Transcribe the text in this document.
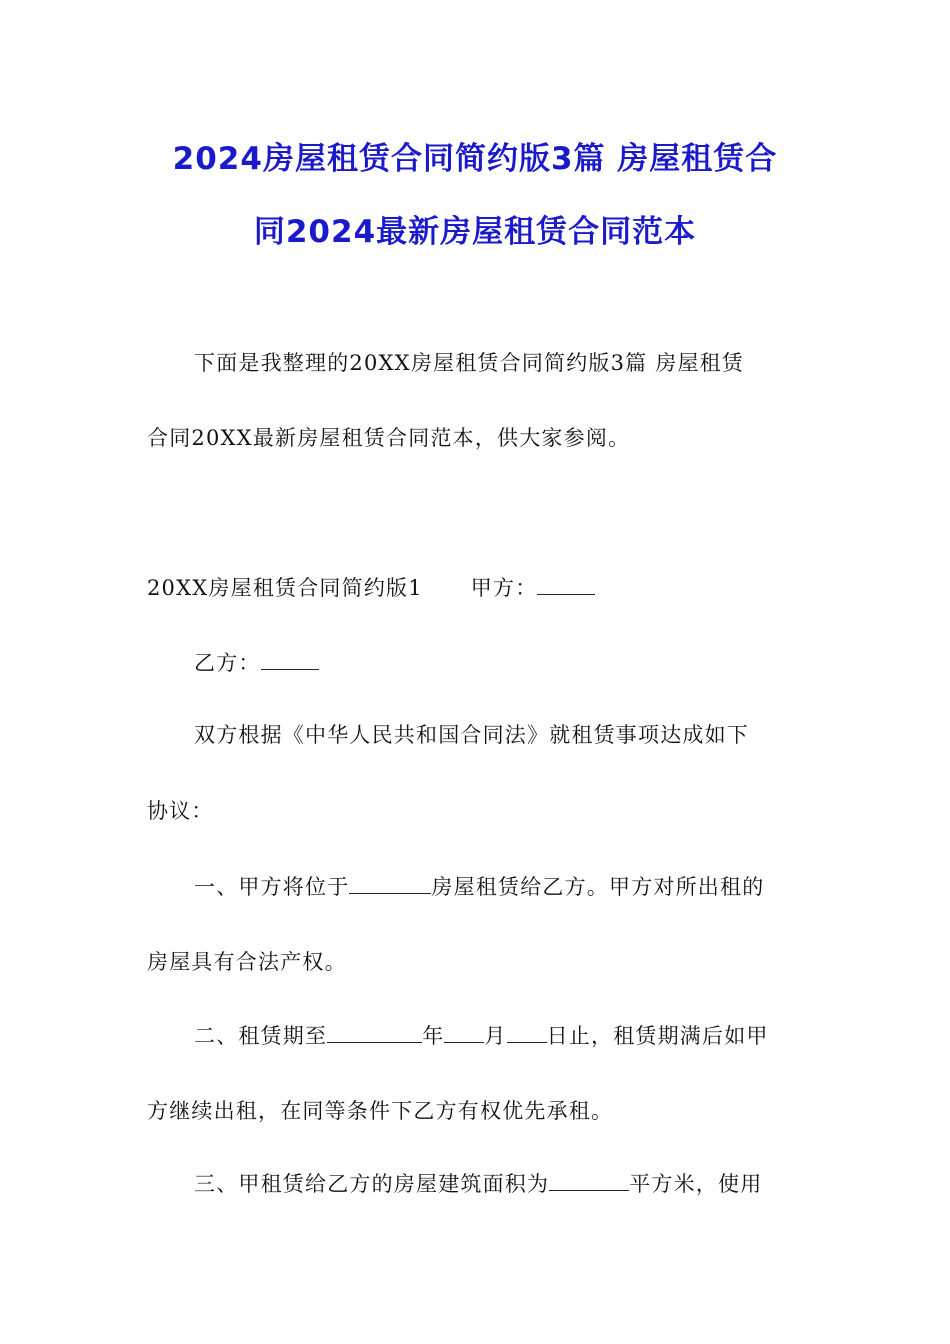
2024房屋租赁合同简约版3篇 房屋租赁合
同2024最新房屋租赁合同范本
下面是我整理的20XX房屋租赁合同简约版3篇 房屋租赁
合同20XX最新房屋租赁合同范本，供大家参阅。
20XX房屋租赁合同简约版1 甲方：
乙方：
双方根据《中华人民共和国合同法》就租赁事项达成如下
协议：
一、甲方将位于	房屋租赁给乙方。甲方对所出租的
房屋具有合法产权。
二、租赁期至	年 月 日止，租赁期满后如甲
方继续出租，在同等条件下乙方有权优先承租。
三、甲租赁给乙方的房屋建筑面积为	平方米，使用
